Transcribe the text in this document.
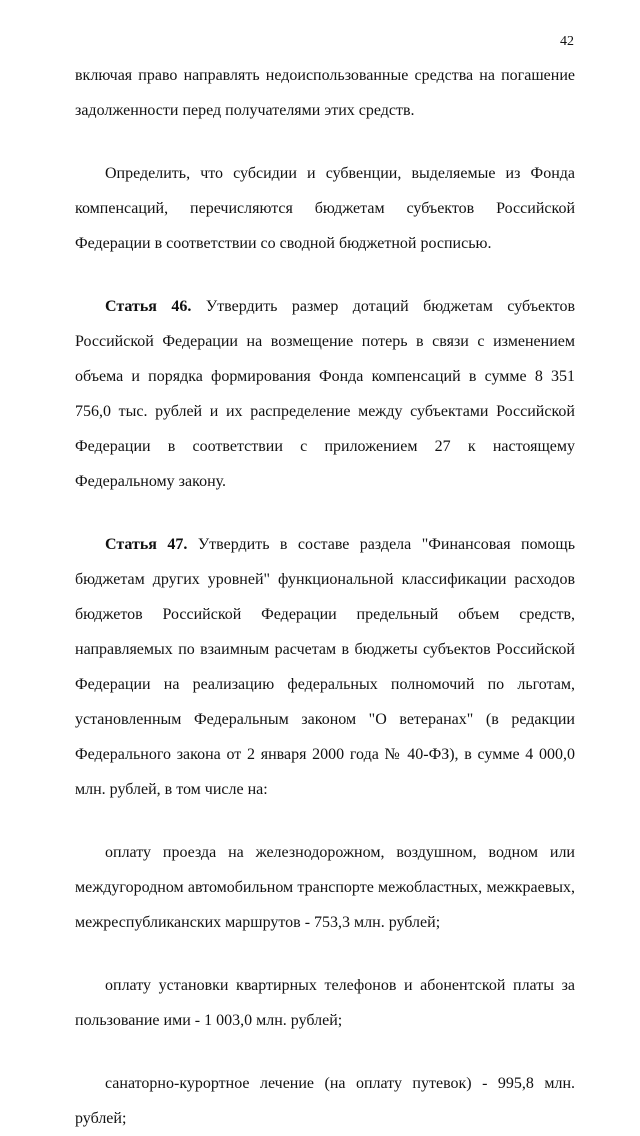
42

включая право направлять недоиспользованные средства на погашение задолженности перед получателями этих средств.

Определить, что субсидии и субвенции, выделяемые из Фонда компенсаций, перечисляются бюджетам субъектов Российской Федерации в соответствии со сводной бюджетной росписью.

Статья 46. Утвердить размер дотаций бюджетам субъектов Российской Федерации на возмещение потерь в связи с изменением объема и порядка формирования Фонда компенсаций в сумме 8 351 756,0 тыс. рублей и их распределение между субъектами Российской Федерации в соответствии с приложением 27 к настоящему Федеральному закону.

Статья 47. Утвердить в составе раздела "Финансовая помощь бюджетам других уровней" функциональной классификации расходов бюджетов Российской Федерации предельный объем средств, направляемых по взаимным расчетам в бюджеты субъектов Российской Федерации на реализацию федеральных полномочий по льготам, установленным Федеральным законом "О ветеранах" (в редакции Федерального закона от 2 января 2000 года № 40-ФЗ), в сумме 4 000,0 млн. рублей, в том числе на:

оплату проезда на железнодорожном, воздушном, водном или междугородном автомобильном транспорте межобластных, межкраевых, межреспубликанских маршрутов - 753,3 млн. рублей;

оплату установки квартирных телефонов и абонентской платы за пользование ими - 1 003,0 млн. рублей;

санаторно-курортное лечение (на оплату путевок) - 995,8 млн. рублей;
